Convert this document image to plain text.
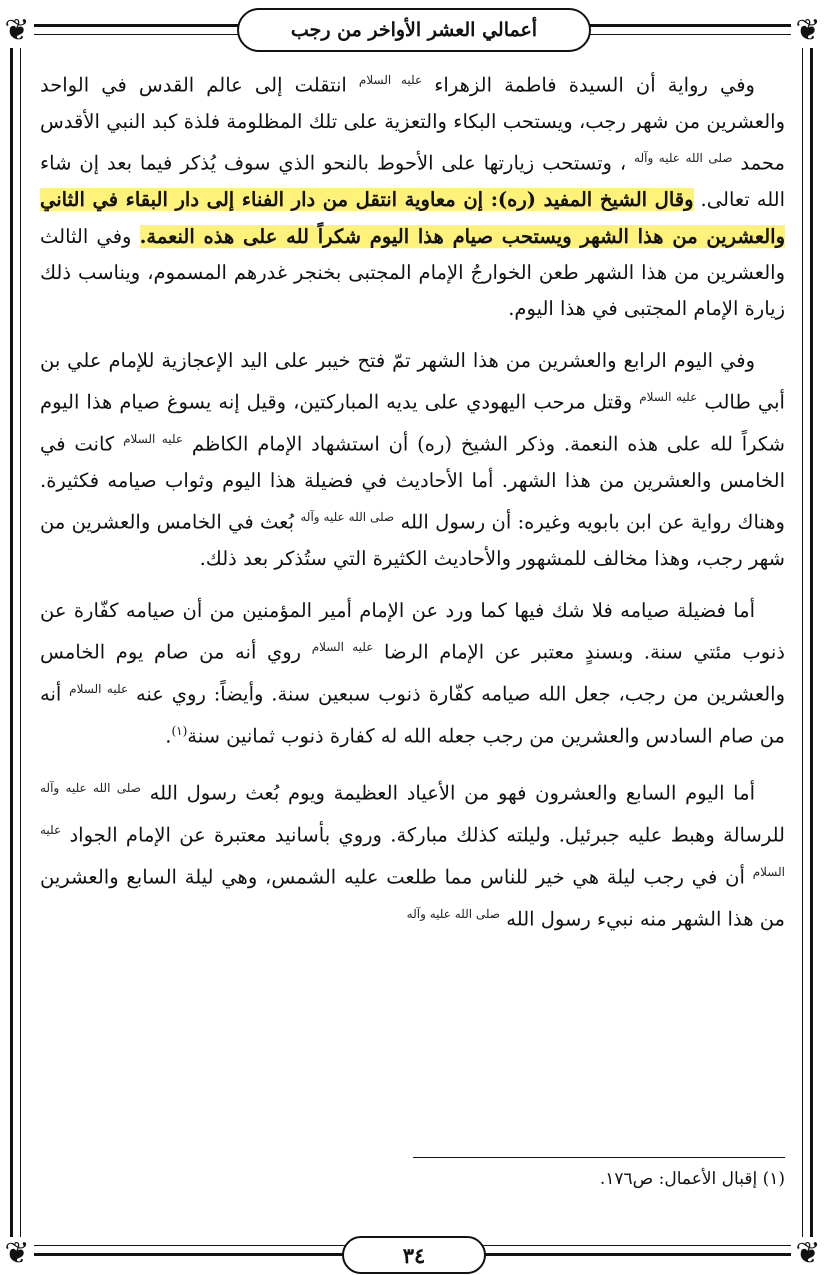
❦	❦
❦	❦
أعمالي العشر الأواخر من رجب

وفي رواية أن السيدة فاطمة الزهراء $^{عليه السلام}$ انتقلت إلى عالم القدس في الواحد والعشرين من شهر رجب، ويستحب البكاء والتعزية على تلك المظلومة فلذة كبد النبي الأقدس محمد $^{صلى الله عليه وآله}$ ، وتستحب زيارتها على الأحوط بالنحو الذي سوف يُذكر فيما بعد إن شاء الله تعالى. وقال الشيخ المفيد (ره): إن معاوية انتقل من دار الفناء إلى دار البقاء في الثاني والعشرين من هذا الشهر ويستحب صيام هذا اليوم شكراً لله على هذه النعمة. وفي الثالث والعشرين من هذا الشهر طعن الخوارجُ الإمام المجتبى بخنجر غدرهم المسموم، ويناسب ذلك زيارة الإمام المجتبى في هذا اليوم.

وفي اليوم الرابع والعشرين من هذا الشهر تمّ فتح خيبر على اليد الإعجازية للإمام علي بن أبي طالب $^{عليه السلام}$ وقتل مرحب اليهودي على يديه المباركتين، وقيل إنه يسوغ صيام هذا اليوم شكراً لله على هذه النعمة. وذكر الشيخ (ره) أن استشهاد الإمام الكاظم $^{عليه السلام}$ كانت في الخامس والعشرين من هذا الشهر. أما الأحاديث في فضيلة هذا اليوم وثواب صيامه فكثيرة. وهناك رواية عن ابن بابويه وغيره: أن رسول الله $^{صلى الله عليه وآله}$ بُعث في الخامس والعشرين من شهر رجب، وهذا مخالف للمشهور والأحاديث الكثيرة التي ستُذكر بعد ذلك.

أما فضيلة صيامه فلا شك فيها كما ورد عن الإمام أمير المؤمنين من أن صيامه كفّارة عن ذنوب مئتي سنة. وبسندٍ معتبر عن الإمام الرضا $^{عليه السلام}$ روي أنه من صام يوم الخامس والعشرين من رجب، جعل الله صيامه كفّارة ذنوب سبعين سنة. وأيضاً: روي عنه $^{عليه السلام}$ أنه من صام السادس والعشرين من رجب جعله الله له كفارة ذنوب ثمانين سنة$^{(١)}$.

أما اليوم السابع والعشرون فهو من الأعياد العظيمة ويوم بُعث رسول الله $^{صلى الله عليه وآله}$ للرسالة وهبط عليه جبرئيل. وليلته كذلك مباركة. وروي بأسانيد معتبرة عن الإمام الجواد $^{عليه السلام}$ أن في رجب ليلة هي خير للناس مما طلعت عليه الشمس، وهي ليلة السابع والعشرين من هذا الشهر منه نبيء رسول الله $^{صلى الله عليه وآله}$

(١) إقبال الأعمال: ص١٧٦.
٣٤
